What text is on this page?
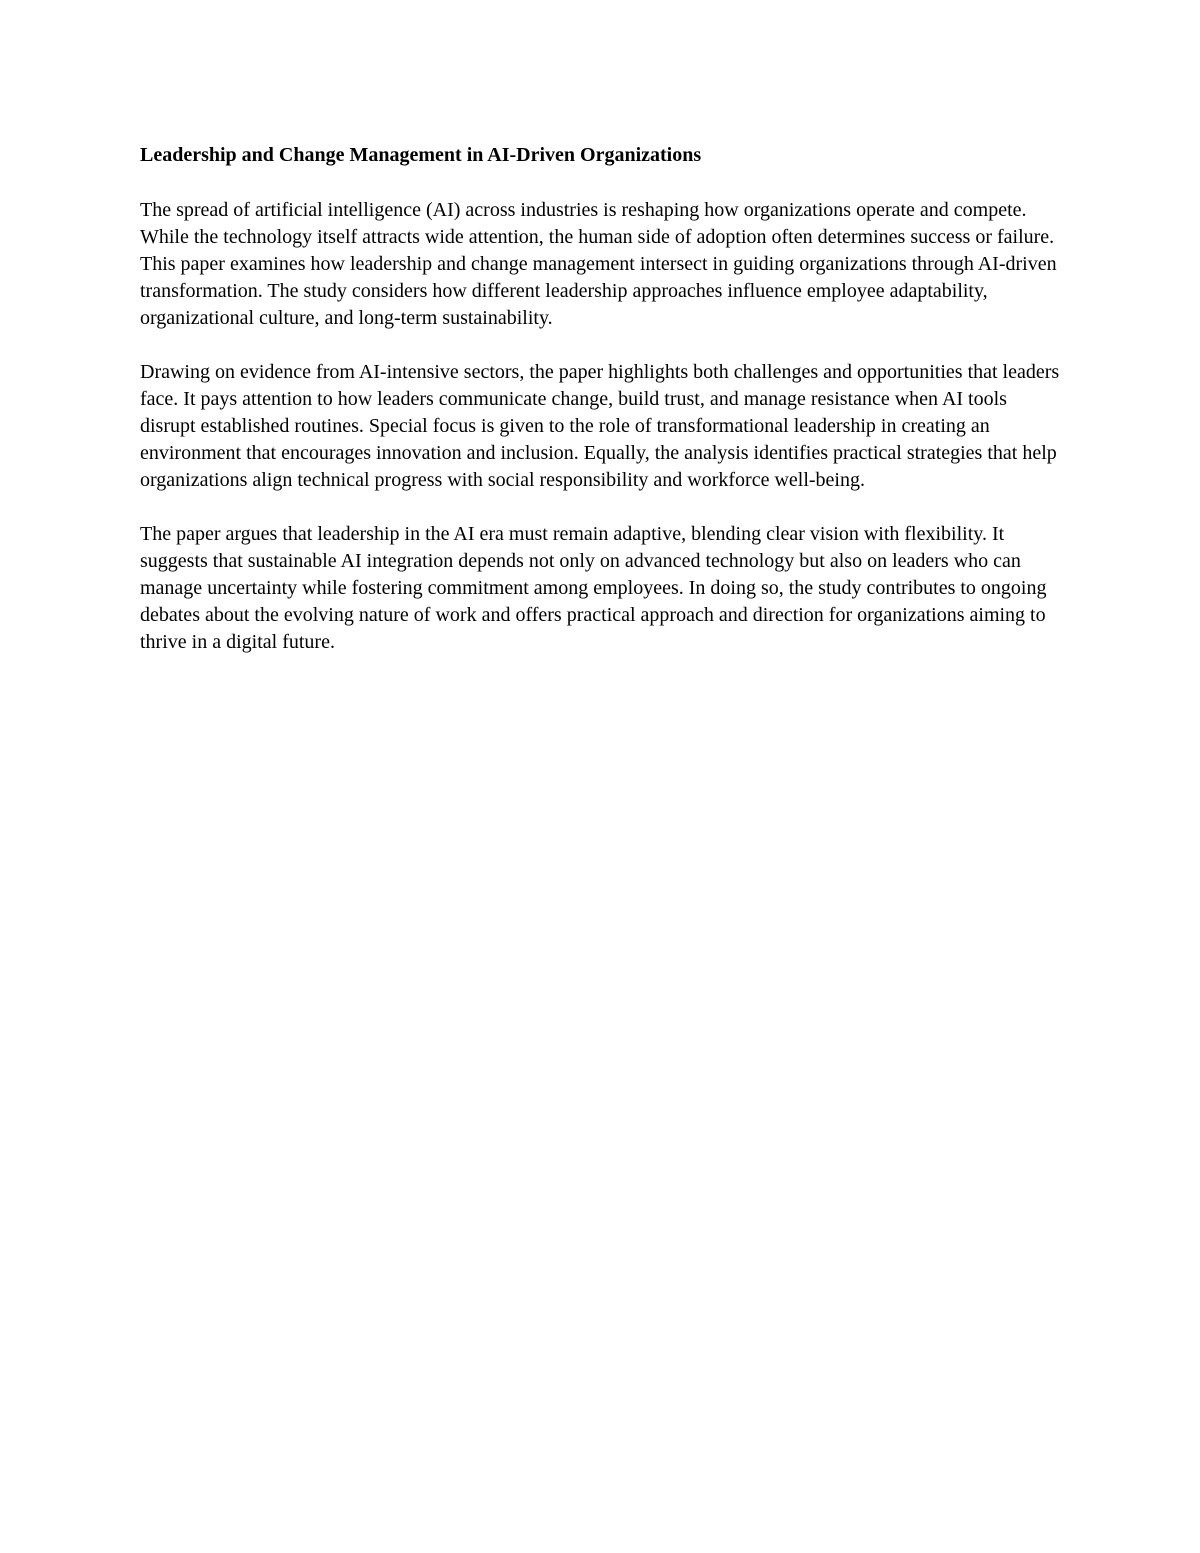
Leadership and Change Management in AI-Driven Organizations

The spread of artificial intelligence (AI) across industries is reshaping how organizations operate and compete. While the technology itself attracts wide attention, the human side of adoption often determines success or failure. This paper examines how leadership and change management intersect in guiding organizations through AI-driven transformation. The study considers how different leadership approaches influence employee adaptability, organizational culture, and long-term sustainability.

Drawing on evidence from AI-intensive sectors, the paper highlights both challenges and opportunities that leaders face. It pays attention to how leaders communicate change, build trust, and manage resistance when AI tools disrupt established routines. Special focus is given to the role of transformational leadership in creating an environment that encourages innovation and inclusion. Equally, the analysis identifies practical strategies that help organizations align technical progress with social responsibility and workforce well-being.

The paper argues that leadership in the AI era must remain adaptive, blending clear vision with flexibility. It suggests that sustainable AI integration depends not only on advanced technology but also on leaders who can manage uncertainty while fostering commitment among employees. In doing so, the study contributes to ongoing debates about the evolving nature of work and offers practical approach and direction for organizations aiming to thrive in a digital future.
